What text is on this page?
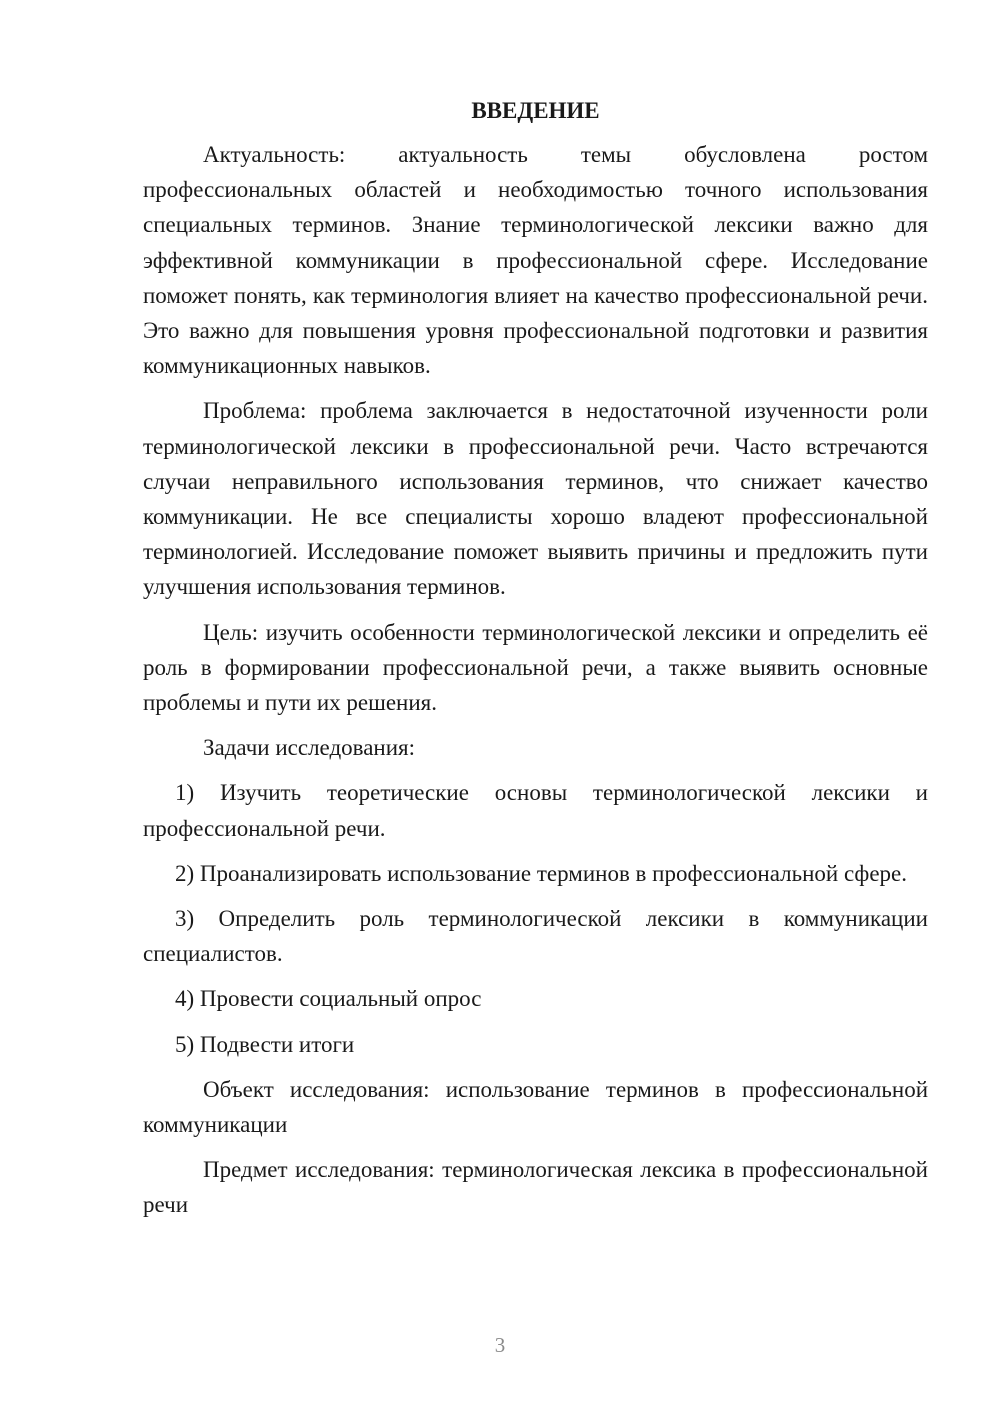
ВВЕДЕНИЕ

Актуальность: актуальность темы обусловлена ростом профессиональных областей и необходимостью точного использования специальных терминов. Знание терминологической лексики важно для эффективной коммуникации в профессиональной сфере. Исследование поможет понять, как терминология влияет на качество профессиональной речи. Это важно для повышения уровня профессиональной подготовки и развития коммуникационных навыков.

Проблема: проблема заключается в недостаточной изученности роли терминологической лексики в профессиональной речи. Часто встречаются случаи неправильного использования терминов, что снижает качество коммуникации. Не все специалисты хорошо владеют профессиональной терминологией. Исследование поможет выявить причины и предложить пути улучшения использования терминов.

Цель: изучить особенности терминологической лексики и определить её роль в формировании профессиональной речи, а также выявить основные проблемы и пути их решения.

Задачи исследования:

1) Изучить теоретические основы терминологической лексики и профессиональной речи.

2) Проанализировать использование терминов в профессиональной сфере.

3) Определить роль терминологической лексики в коммуникации специалистов.

4) Провести социальный опрос

5) Подвести итоги

Объект исследования: использование терминов в профессиональной коммуникации

Предмет исследования: терминологическая лексика в профессиональной речи

3
